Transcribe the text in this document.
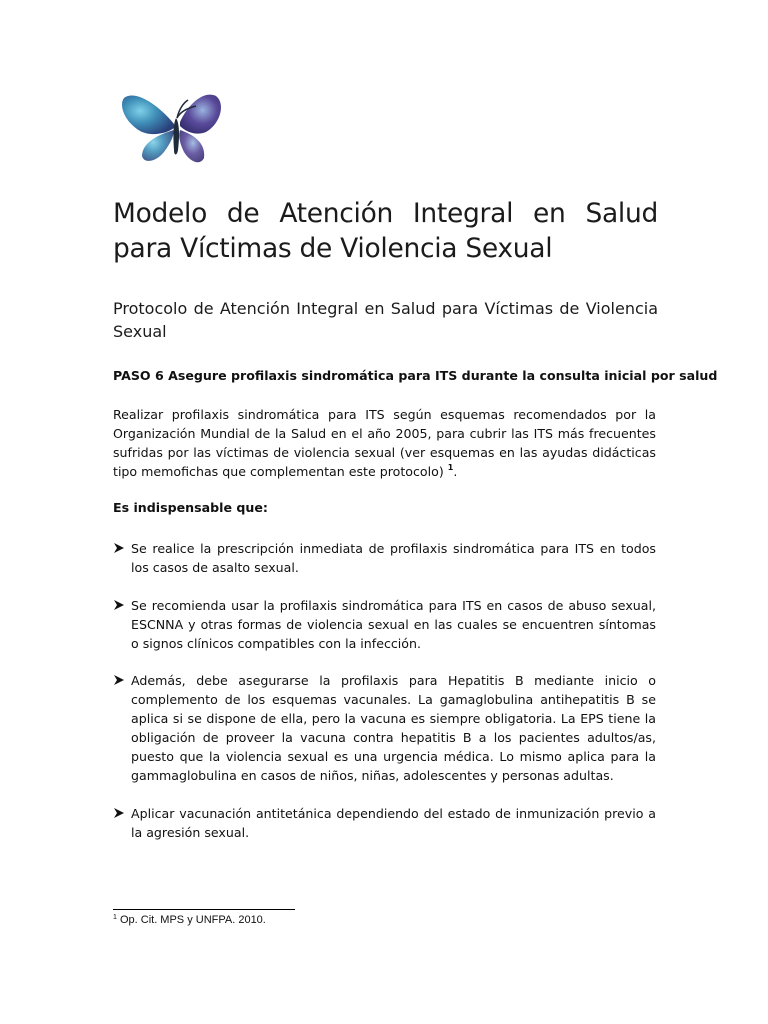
Modelo de Atención Integral en Salud para Víctimas de Violencia Sexual
Protocolo de Atención Integral en Salud para Víctimas de Violencia Sexual

PASO 6 Asegure profilaxis sindromática para ITS durante la consulta inicial por salud

Realizar profilaxis sindromática para ITS según esquemas recomendados por la Organización Mundial de la Salud en el año 2005, para cubrir las ITS más frecuentes sufridas por las víctimas de violencia sexual (ver esquemas en las ayudas didácticas tipo memofichas que complementan este protocolo) $^1$.

Es indispensable que:

Se realice la prescripción inmediata de profilaxis sindromática para ITS en todos los casos de asalto sexual.
Se recomienda usar la profilaxis sindromática para ITS en casos de abuso sexual, ESCNNA y otras formas de violencia sexual en las cuales se encuentren síntomas o signos clínicos compatibles con la infección.
Además, debe asegurarse la profilaxis para Hepatitis B mediante inicio o complemento de los esquemas vacunales. La gamaglobulina antihepatitis B se aplica si se dispone de ella, pero la vacuna es siempre obligatoria. La EPS tiene la obligación de proveer la vacuna contra hepatitis B a los pacientes adultos/as, puesto que la violencia sexual es una urgencia médica. Lo mismo aplica para la gammaglobulina en casos de niños, niñas, adolescentes y personas adultas.
Aplicar vacunación antitetánica dependiendo del estado de inmunización previo a la agresión sexual.

$^1$ Op. Cit. MPS y UNFPA. 2010.
